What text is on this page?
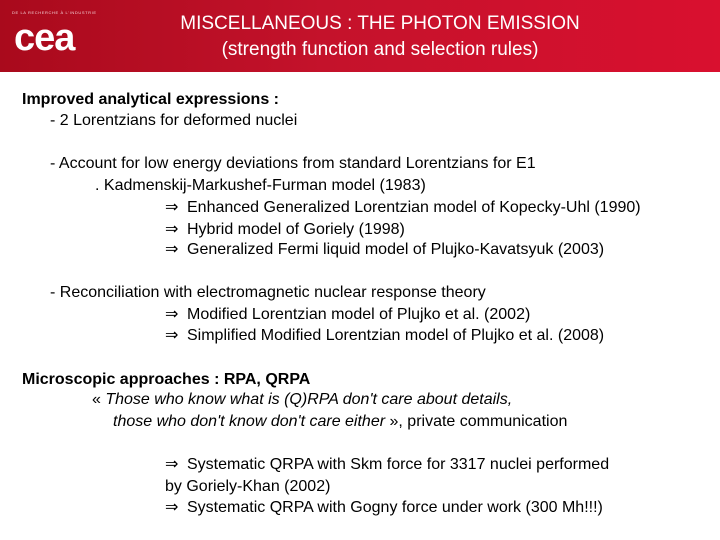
DE LA RECHERCHE À L'INDUSTRIE
cea	MISCELLANEOUS : THE PHOTON EMISSION
(strength function and selection rules)
Improved analytical expressions :
- 2 Lorentzians for deformed nuclei
- Account for low energy deviations from standard Lorentzians for E1
. Kadmenskij-Markushef-Furman model (1983)
⇒ Enhanced Generalized Lorentzian model of Kopecky-Uhl (1990)
⇒ Hybrid model of Goriely (1998)
⇒ Generalized Fermi liquid model of Plujko-Kavatsyuk (2003)
- Reconciliation with electromagnetic nuclear response theory
⇒ Modified Lorentzian model of Plujko et al. (2002)
⇒ Simplified Modified Lorentzian model of Plujko et al. (2008)
Microscopic approaches : RPA, QRPA
« Those who know what is (Q)RPA don't care about details,
those who don't know don't care either », private communication
⇒ Systematic QRPA with Skm force for 3317 nuclei performed
by Goriely-Khan (2002)
⇒ Systematic QRPA with Gogny force under work (300 Mh!!!)
